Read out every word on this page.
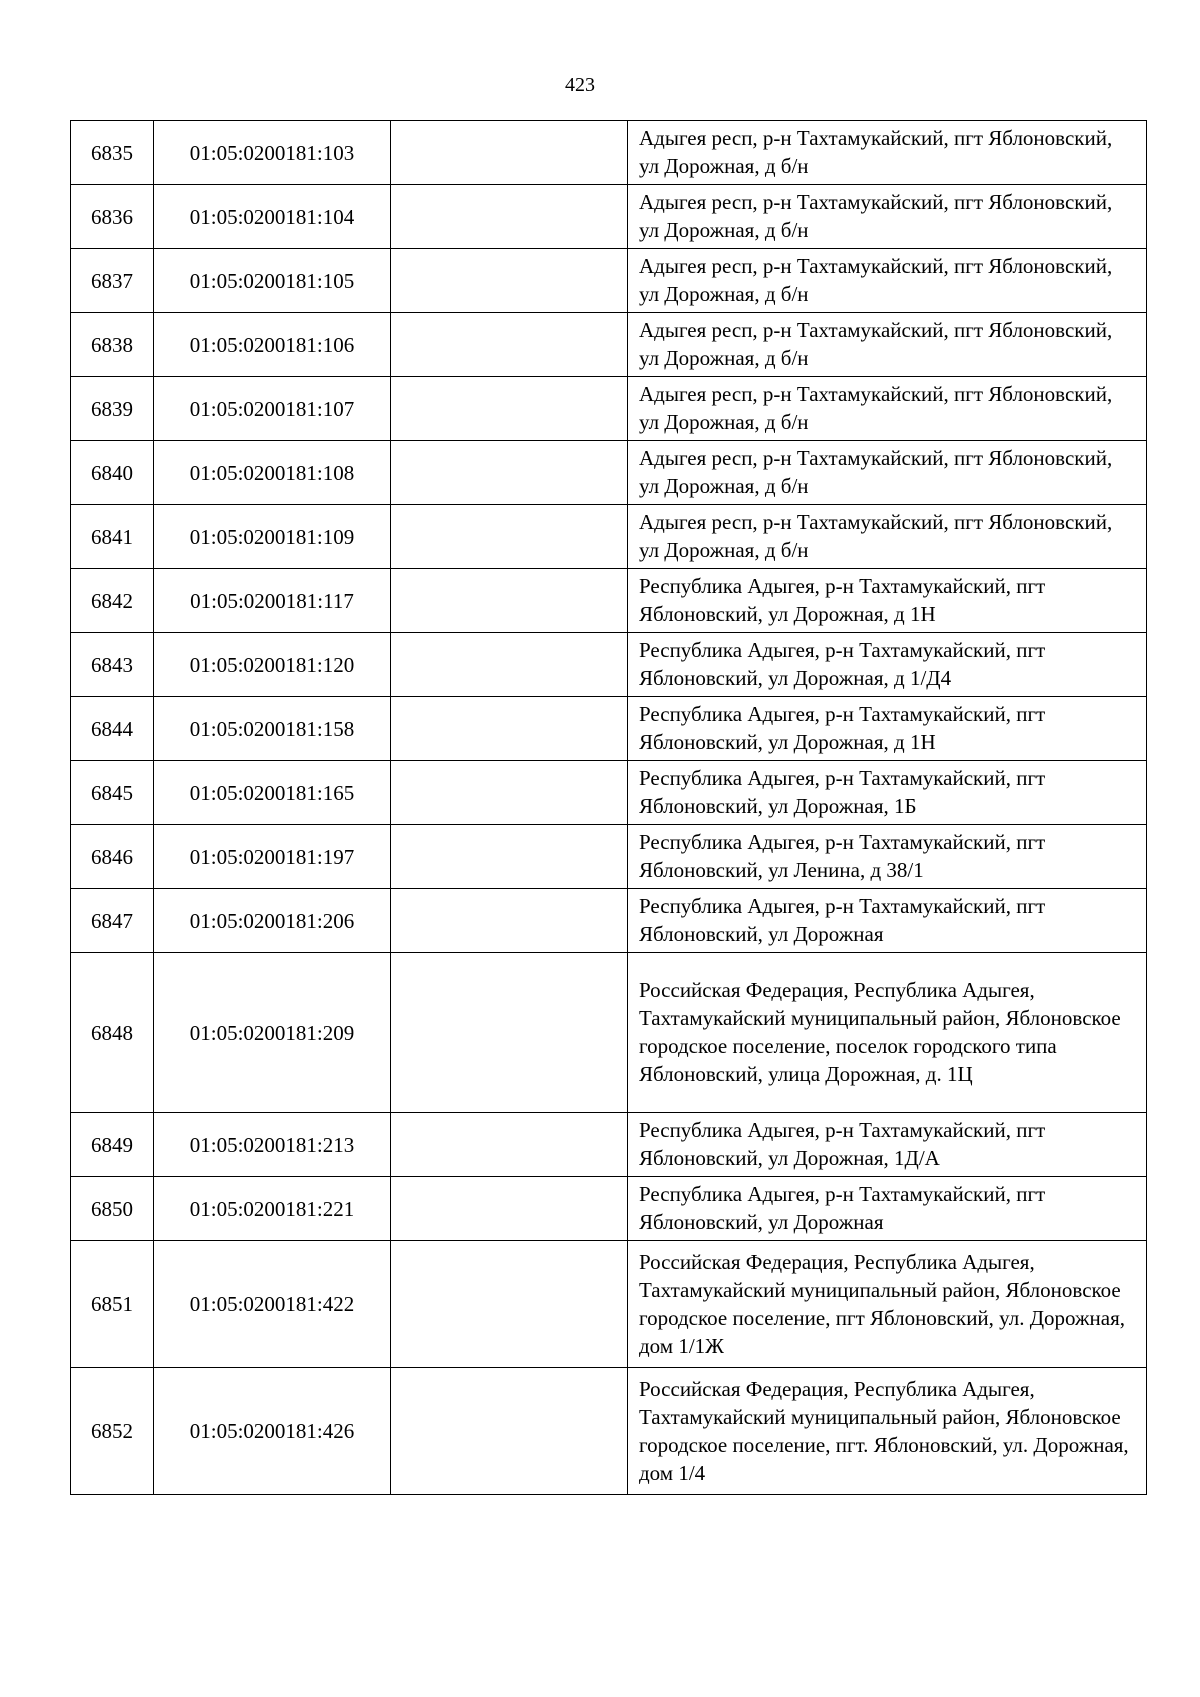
423
6835	01:05:0200181:103		Адыгея респ, р-н Тахтамукайский, пгт Яблоновский, ул Дорожная, д б/н
6836	01:05:0200181:104		Адыгея респ, р-н Тахтамукайский, пгт Яблоновский, ул Дорожная, д б/н
6837	01:05:0200181:105		Адыгея респ, р-н Тахтамукайский, пгт Яблоновский, ул Дорожная, д б/н
6838	01:05:0200181:106		Адыгея респ, р-н Тахтамукайский, пгт Яблоновский, ул Дорожная, д б/н
6839	01:05:0200181:107		Адыгея респ, р-н Тахтамукайский, пгт Яблоновский, ул Дорожная, д б/н
6840	01:05:0200181:108		Адыгея респ, р-н Тахтамукайский, пгт Яблоновский, ул Дорожная, д б/н
6841	01:05:0200181:109		Адыгея респ, р-н Тахтамукайский, пгт Яблоновский, ул Дорожная, д б/н
6842	01:05:0200181:117		Республика Адыгея, р-н Тахтамукайский, пгт Яблоновский, ул Дорожная, д 1Н
6843	01:05:0200181:120		Республика Адыгея, р-н Тахтамукайский, пгт Яблоновский, ул Дорожная, д 1/Д4
6844	01:05:0200181:158		Республика Адыгея, р-н Тахтамукайский, пгт Яблоновский, ул Дорожная, д 1Н
6845	01:05:0200181:165		Республика Адыгея, р-н Тахтамукайский, пгт Яблоновский, ул Дорожная, 1Б
6846	01:05:0200181:197		Республика Адыгея, р-н Тахтамукайский, пгт Яблоновский, ул Ленина, д 38/1
6847	01:05:0200181:206		Республика Адыгея, р-н Тахтамукайский, пгт Яблоновский, ул Дорожная
6848	01:05:0200181:209		Российская Федерация, Республика Адыгея, Тахтамукайский муниципальный район, Яблоновское городское поселение, поселок городского типа Яблоновский, улица Дорожная, д. 1Ц
6849	01:05:0200181:213		Республика Адыгея, р-н Тахтамукайский, пгт Яблоновский, ул Дорожная, 1Д/А
6850	01:05:0200181:221		Республика Адыгея, р-н Тахтамукайский, пгт Яблоновский, ул Дорожная
6851	01:05:0200181:422		Российская Федерация, Республика Адыгея, Тахтамукайский муниципальный район, Яблоновское городское поселение, пгт Яблоновский, ул. Дорожная, дом 1/1Ж
6852	01:05:0200181:426		Российская Федерация, Республика Адыгея, Тахтамукайский муниципальный район, Яблоновское городское поселение, пгт. Яблоновский, ул. Дорожная, дом 1/4
